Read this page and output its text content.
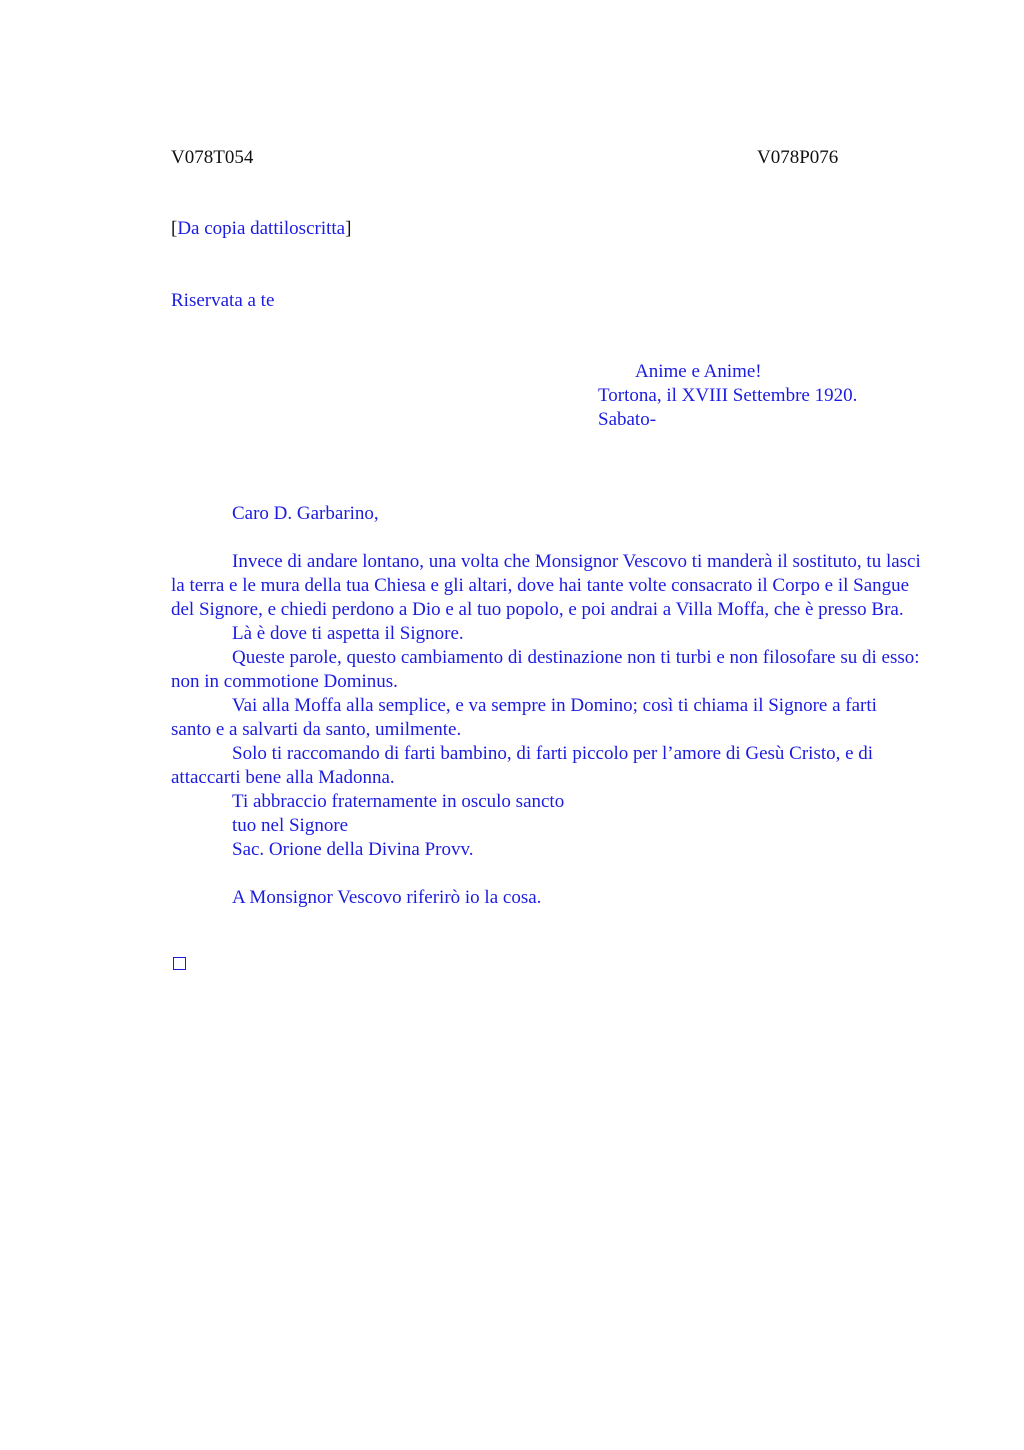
V078T054	V078P076
[Da copia dattiloscritta]
Riservata a te
Anime e Anime!
Tortona, il XVIII Settembre 1920.
Sabato-

Caro D. Garbarino,

Invece di andare lontano, una volta che Monsignor Vescovo ti manderà il sostituto, tu lasci la terra e le mura della tua Chiesa e gli altari, dove hai tante volte consacrato il Corpo e il Sangue del Signore, e chiedi perdono a Dio e al tuo popolo, e poi andrai a Villa Moffa, che è presso Bra.

Là è dove ti aspetta il Signore.

Queste parole, questo cambiamento di destinazione non ti turbi e non filosofare su di esso: non in commotione Dominus.

Vai alla Moffa alla semplice, e va sempre in Domino; così ti chiama il Signore a farti santo e a salvarti da santo, umilmente.

Solo ti raccomando di farti bambino, di farti piccolo per l’amore di Gesù Cristo, e di attaccarti bene alla Madonna.

Ti abbraccio fraternamente in osculo sancto

tuo nel Signore

Sac. Orione della Divina Provv.

A Monsignor Vescovo riferirò io la cosa.
